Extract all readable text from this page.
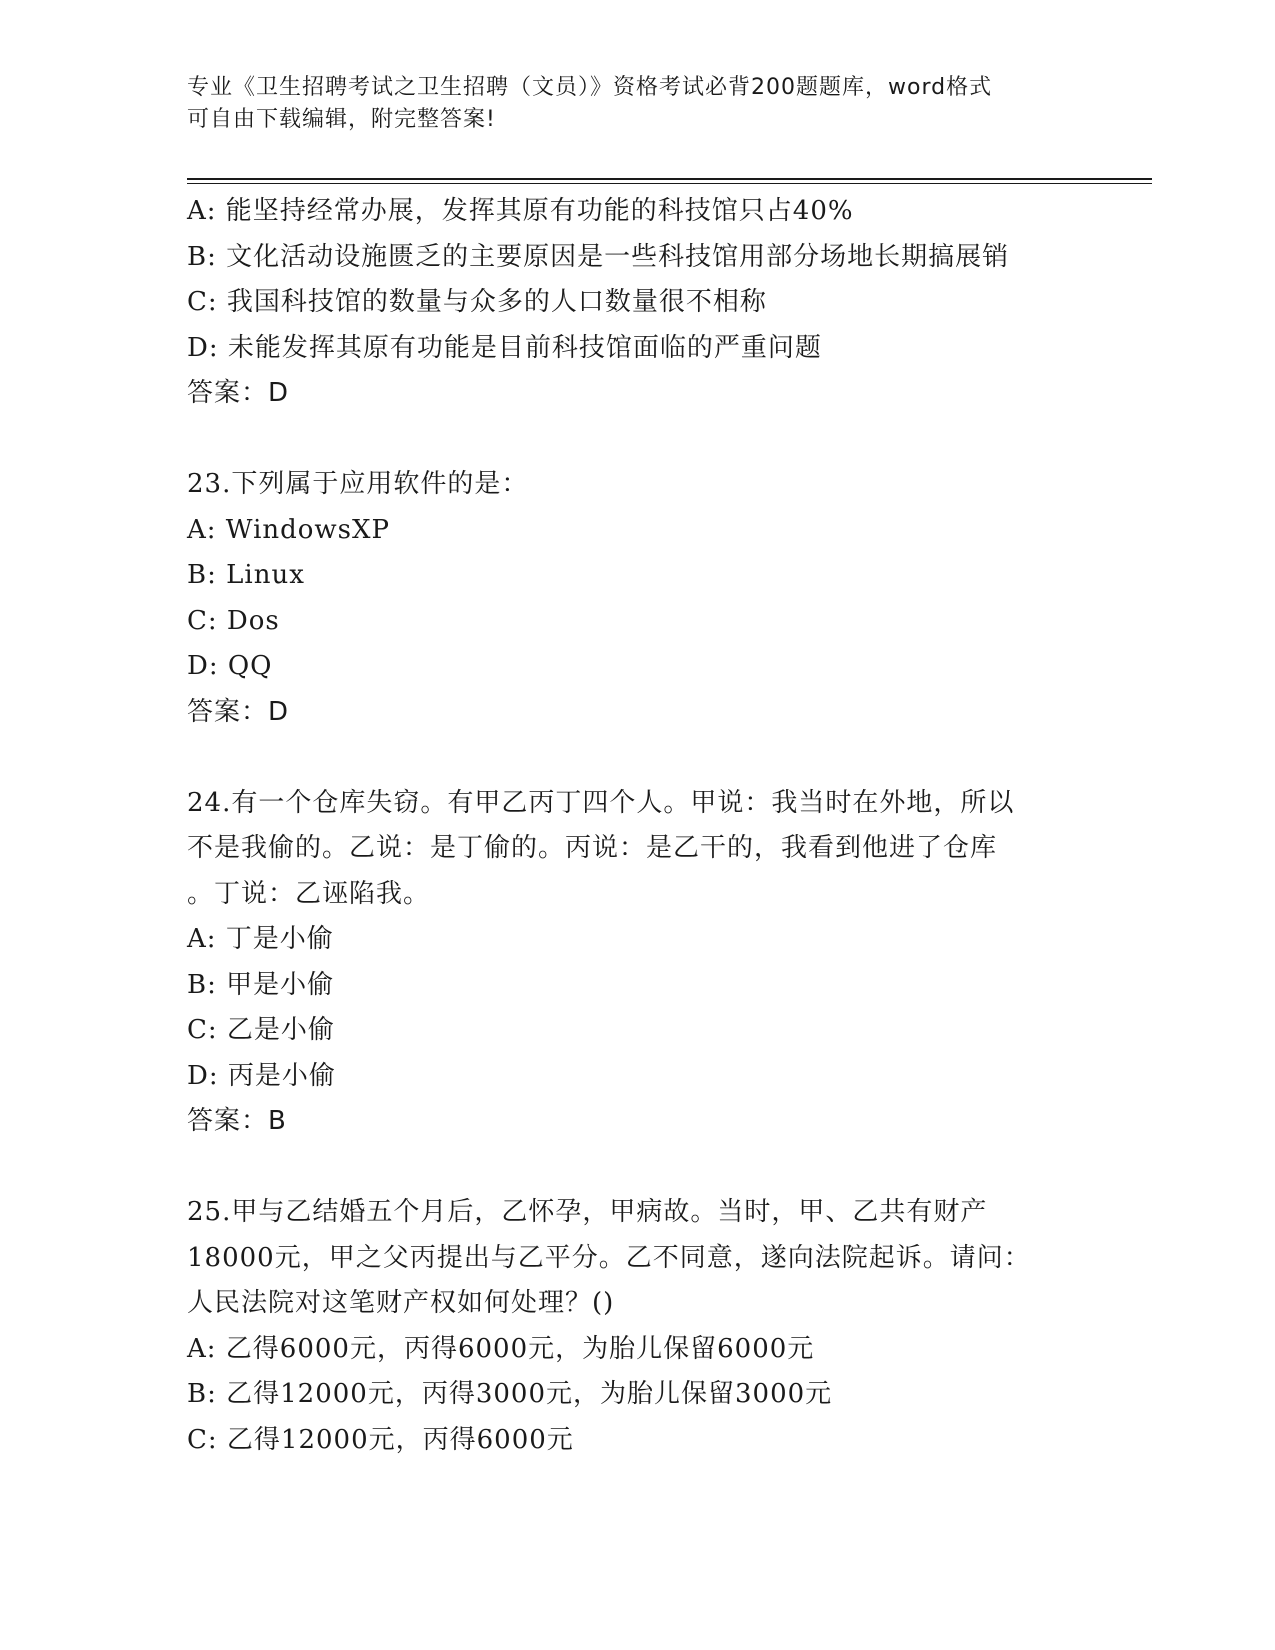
专业《卫生招聘考试之卫生招聘（文员）》资格考试必背200题题库，word格式
可自由下载编辑，附完整答案!
A: 能坚持经常办展，发挥其原有功能的科技馆只占40%
B: 文化活动设施匮乏的主要原因是一些科技馆用部分场地长期搞展销
C: 我国科技馆的数量与众多的人口数量很不相称
D: 未能发挥其原有功能是目前科技馆面临的严重问题
答案：D
23.下列属于应用软件的是：
A: WindowsXP
B: Linux
C: Dos
D: QQ
答案：D
24.有一个仓库失窃。有甲乙丙丁四个人。甲说：我当时在外地，所以
不是我偷的。乙说：是丁偷的。丙说：是乙干的，我看到他进了仓库
。丁说：乙诬陷我。
A: 丁是小偷
B: 甲是小偷
C: 乙是小偷
D: 丙是小偷
答案：B
25.甲与乙结婚五个月后，乙怀孕，甲病故。当时，甲、乙共有财产
18000元，甲之父丙提出与乙平分。乙不同意，遂向法院起诉。请问：
人民法院对这笔财产权如何处理？()
A: 乙得6000元，丙得6000元，为胎儿保留6000元
B: 乙得12000元，丙得3000元，为胎儿保留3000元
C: 乙得12000元，丙得6000元
